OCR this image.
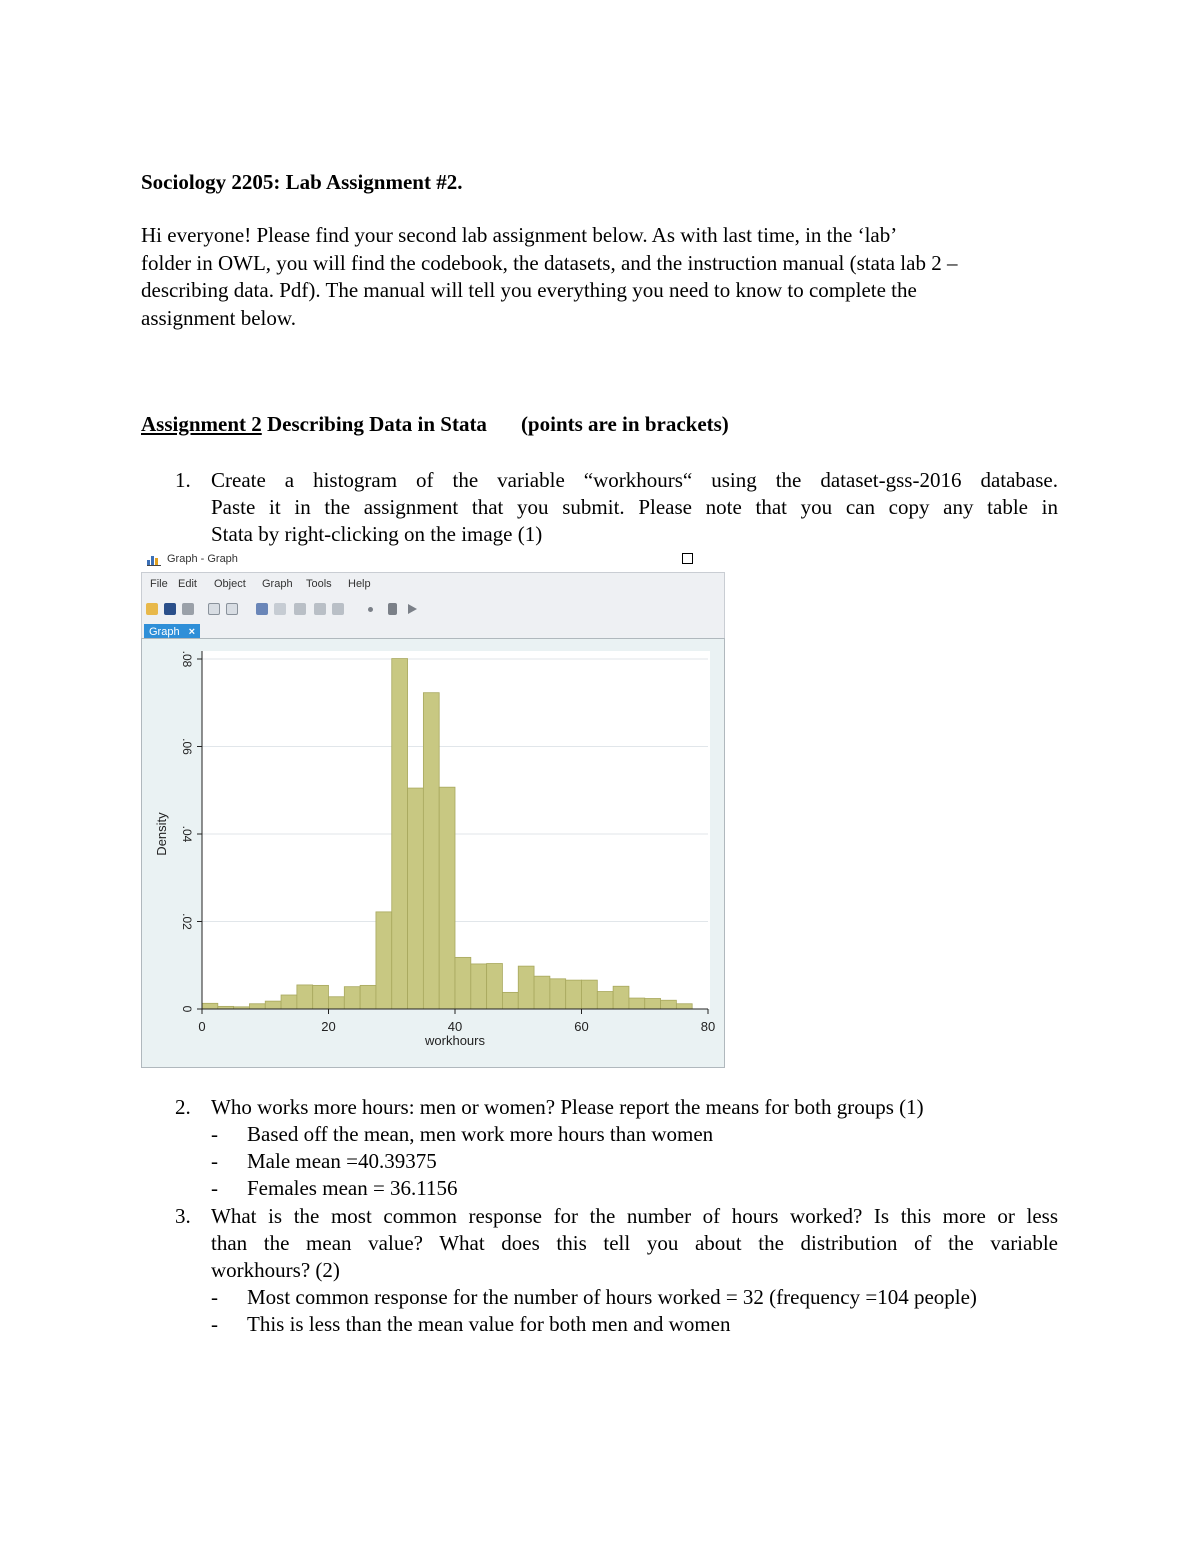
Sociology 2205: Lab Assignment #2.

Hi everyone! Please find your second lab assignment below. As with last time, in the ‘lab’

folder in OWL, you will find the codebook, the datasets, and the instruction manual (stata lab 2 –

describing data. Pdf). The manual will tell you everything you need to know to complete the

assignment below.

Assignment 2 Describing Data in Stata (points are in brackets)
1. Create a histogram of the variable “workhours“ using the dataset-gss-2016 database.

Paste it in the assignment that you submit. Please note that you can copy any table in

Stata by right-clicking on the image (1)

Graph - Graph
File Edit Object Graph Tools Help
Graph ×
0
.02
.04
.06
.08
0	20	40	60	80
workhours
Density
2. Who works more hours: men or women? Please report the means for both groups (1)

- Based off the mean, men work more hours than women
- Male mean =40.39375
- Females mean = 36.1156
3. What is the most common response for the number of hours worked? Is this more or less

than the mean value? What does this tell you about the distribution of the variable

workhours? (2)

- Most common response for the number of hours worked = 32 (frequency =104 people)
- This is less than the mean value for both men and women
